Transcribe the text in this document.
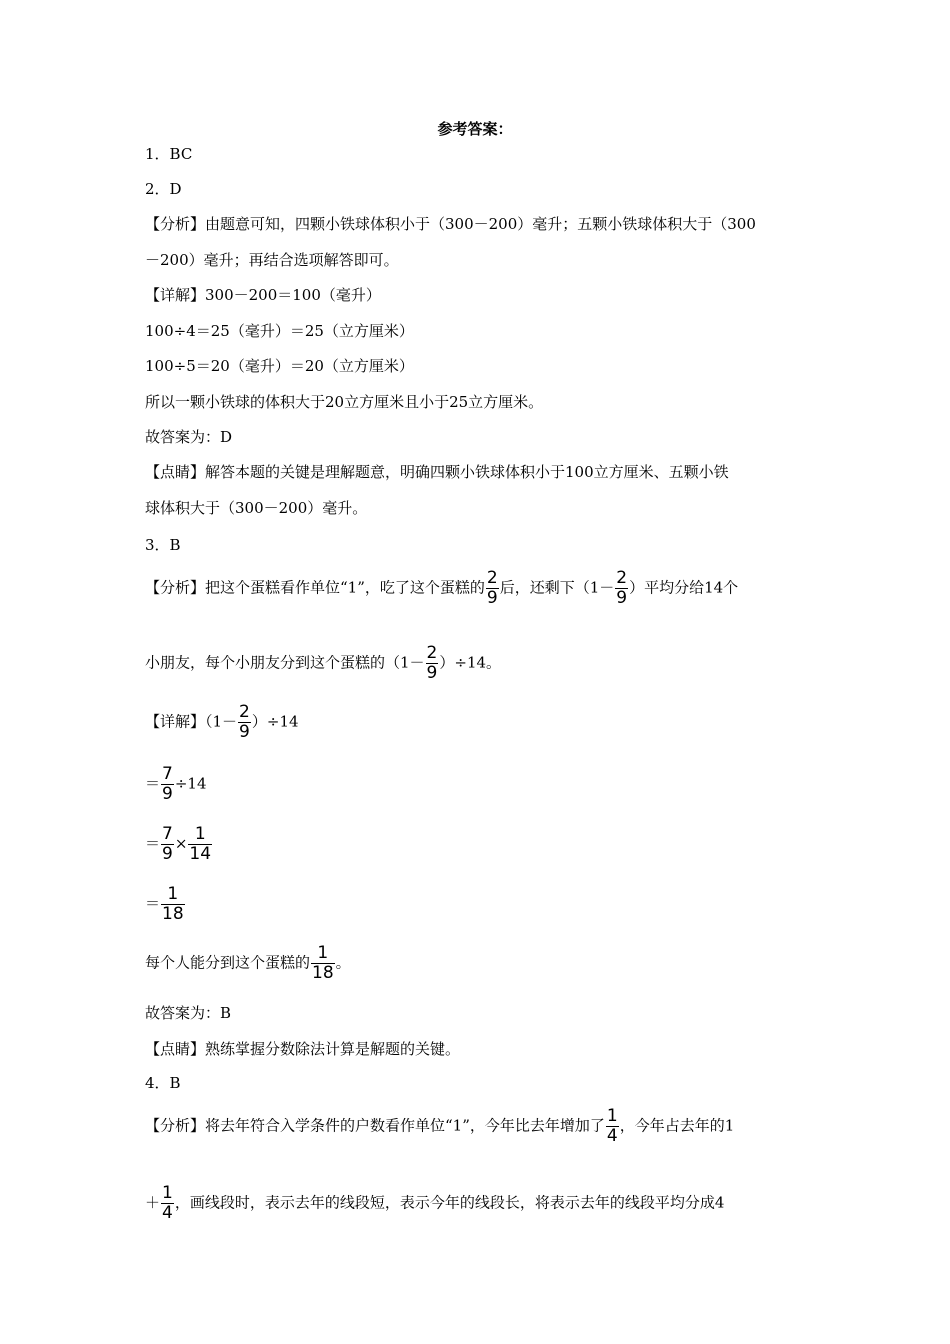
参考答案：
1．BC
2．D
【分析】由题意可知，四颗小铁球体积小于（300－200）毫升；五颗小铁球体积大于（300
－200）毫升；再结合选项解答即可。
【详解】300－200＝100（毫升）
100÷4＝25（毫升）＝25（立方厘米）
100÷5＝20（毫升）＝20（立方厘米）
所以一颗小铁球的体积大于20立方厘米且小于25立方厘米。
故答案为：D
【点睛】解答本题的关键是理解题意，明确四颗小铁球体积小于100立方厘米、五颗小铁
球体积大于（300－200）毫升。
3．B
【分析】把这个蛋糕看作单位“1”，吃了这个蛋糕的 $\frac{2}{9}$ 后，还剩下（$1- \frac{2}{9}$ ）平均分给14个
小朋友，每个小朋友分到这个蛋糕的$(1- \frac{2}{9} )\div 14$。
【详解】$(1- \frac{2}{9} )\div 14$
＝ $\frac{7}{9} \div 14$
＝ $\frac{7}{9} \times \frac{1}{14}$
＝ $\frac{1}{18}$
每个人能分到这个蛋糕的 $\frac{1}{18}$ 。
故答案为：B
【点睛】熟练掌握分数除法计算是解题的关键。
4．B
【分析】将去年符合入学条件的户数看作单位“1”，今年比去年增加了 $\frac{1}{4}$ ，今年占去年的1
＋ $\frac{1}{4}$ ，画线段时，表示去年的线段短，表示今年的线段长，将表示去年的线段平均分成4
